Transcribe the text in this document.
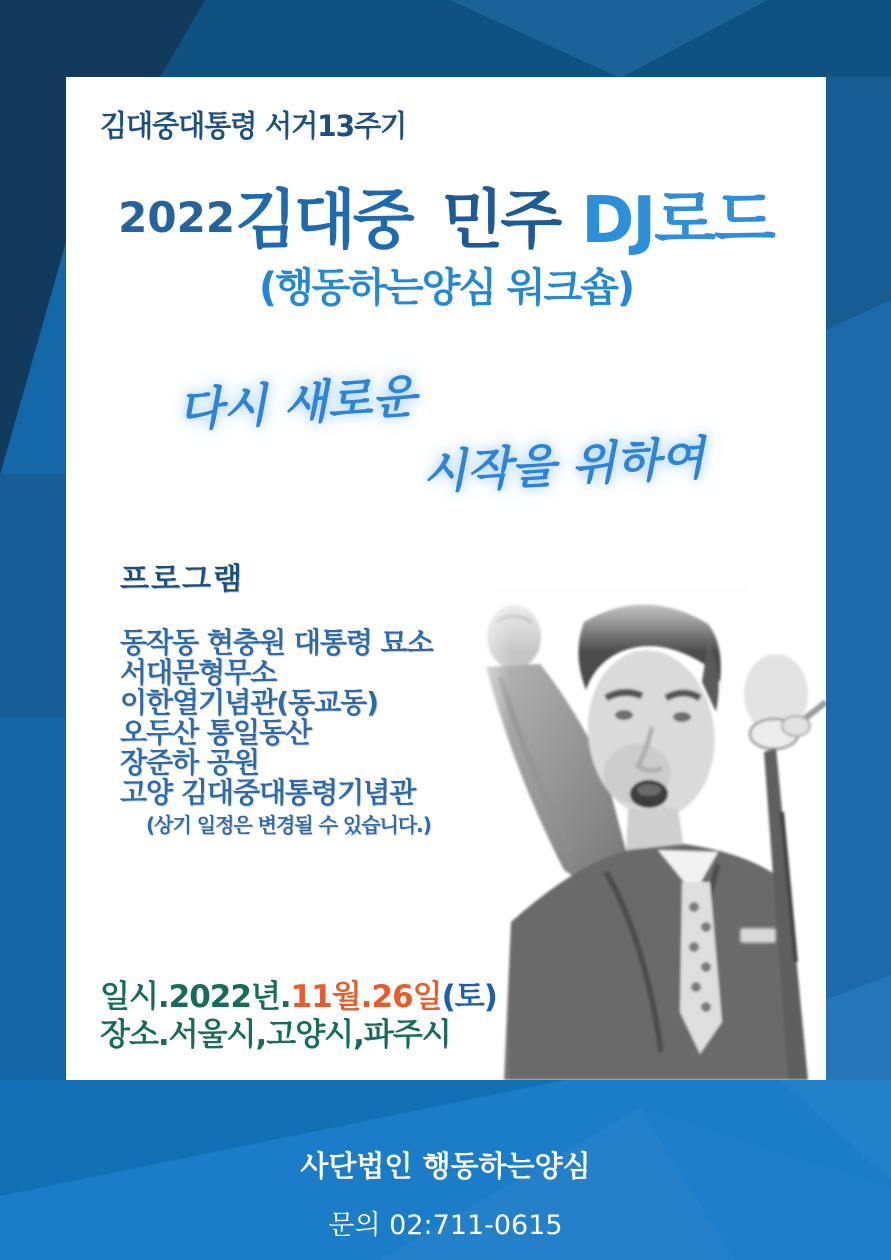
김대중대통령 서거13주기
2022 김대중 민주 DJ로드
(행동하는양심 워크숍)
다시 새로운
시작을 위하여
프로그램
동작동 현충원 대통령 묘소
서대문형무소
이한열기념관(동교동)
오두산 통일동산
장준하 공원
고양 김대중대통령기념관
(상기 일정은 변경될 수 있습니다.)
일시.2022년.11월.26일(토)
장소.서울시,고양시,파주시
사단법인 행동하는양심
문의 02:711-0615
